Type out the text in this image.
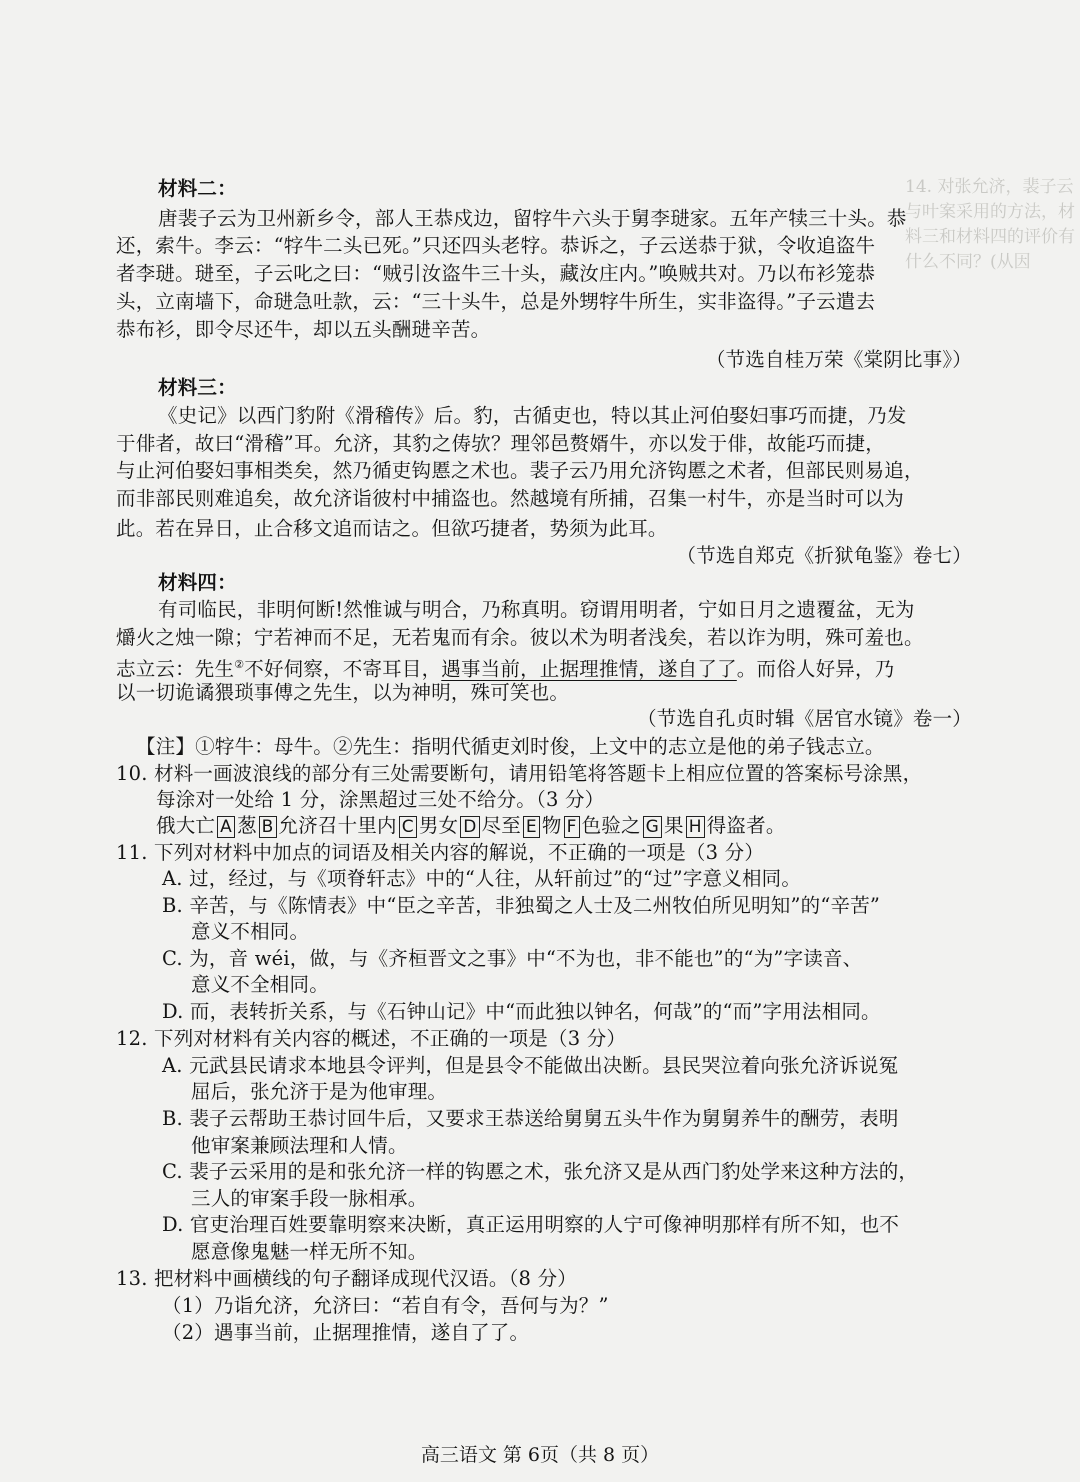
14. 对张允济，裴子云与叶案采用的方法，材料三和材料四的评价有什么不同？(从因
材料二：
唐裴子云为卫州新乡令，部人王恭戍边，留牸牛六头于舅李琎家。五年产犊三十头。恭
还，索牛。李云：“牸牛二头已死。”只还四头老牸。恭诉之，子云送恭于狱，令收追盗牛
者李琎。琎至，子云叱之曰：“贼引汝盗牛三十头，藏汝庄内。”唤贼共对。乃以布衫笼恭
头，立南墙下，命琎急吐款，云：“三十头牛，总是外甥牸牛所生，实非盗得。”子云遣去
恭布衫，即令尽还牛，却以五头酬琎辛苦。
（节选自桂万荣《棠阴比事》）
材料三：
《史记》以西门豹附《滑稽传》后。豹，古循吏也，特以其止河伯娶妇事巧而捷，乃发
于俳者，故曰“滑稽”耳。允济，其豹之俦欤？理邻邑赘婿牛，亦以发于俳，故能巧而捷，
与止河伯娶妇事相类矣，然乃循吏钩慝之术也。裴子云乃用允济钩慝之术者，但部民则易追，
而非部民则难追矣，故允济诣彼村中捕盗也。然越境有所捕，召集一村牛，亦是当时可以为
此。若在异日，止合移文追而诘之。但欲巧捷者，势须为此耳。
（节选自郑克《折狱龟鉴》卷七）
材料四：
有司临民，非明何断!然惟诚与明合，乃称真明。窃谓用明者，宁如日月之遗覆盆，无为
爝火之烛一隙；宁若神而不足，无若鬼而有余。彼以术为明者浅矣，若以诈为明，殊可羞也。
志立云：先生②不好伺察，不寄耳目，遇事当前，止据理推情，遂自了了。而俗人好异，乃
以一切诡谲猥琐事傅之先生，以为神明，殊可笑也。
（节选自孔贞时辑《居官水镜》卷一）
【注】①牸牛：母牛。②先生：指明代循吏刘时俊，上文中的志立是他的弟子钱志立。
10. 材料一画波浪线的部分有三处需要断句，请用铅笔将答题卡上相应位置的答案标号涂黑，
每涂对一处给 1 分，涂黑超过三处不给分。（3 分）
俄大亡 A 葱 B 允济召十里内 C 男女 D 尽至 E 物 F 色验之 G 果 H 得盗者。
11. 下列对材料中加点的词语及相关内容的解说，不正确的一项是（3 分）
A. 过，经过，与《项脊轩志》中的“人往，从轩前过”的“过”字意义相同。
B. 辛苦，与《陈情表》中“臣之辛苦，非独蜀之人士及二州牧伯所见明知”的“辛苦”
意义不相同。
C. 为，音 wéi，做，与《齐桓晋文之事》中“不为也，非不能也”的“为”字读音、
意义不全相同。
D. 而，表转折关系，与《石钟山记》中“而此独以钟名，何哉”的“而”字用法相同。
12. 下列对材料有关内容的概述，不正确的一项是（3 分）
A. 元武县民请求本地县令评判，但是县令不能做出决断。县民哭泣着向张允济诉说冤
屈后，张允济于是为他审理。
B. 裴子云帮助王恭讨回牛后，又要求王恭送给舅舅五头牛作为舅舅养牛的酬劳，表明
他审案兼顾法理和人情。
C. 裴子云采用的是和张允济一样的钩慝之术，张允济又是从西门豹处学来这种方法的，
三人的审案手段一脉相承。
D. 官吏治理百姓要靠明察来决断，真正运用明察的人宁可像神明那样有所不知，也不
愿意像鬼魅一样无所不知。
13. 把材料中画横线的句子翻译成现代汉语。（8 分）
（1）乃诣允济，允济曰：“若自有令，吾何与为？”
（2）遇事当前，止据理推情，遂自了了。
高三语文 第 6页（共 8 页）
